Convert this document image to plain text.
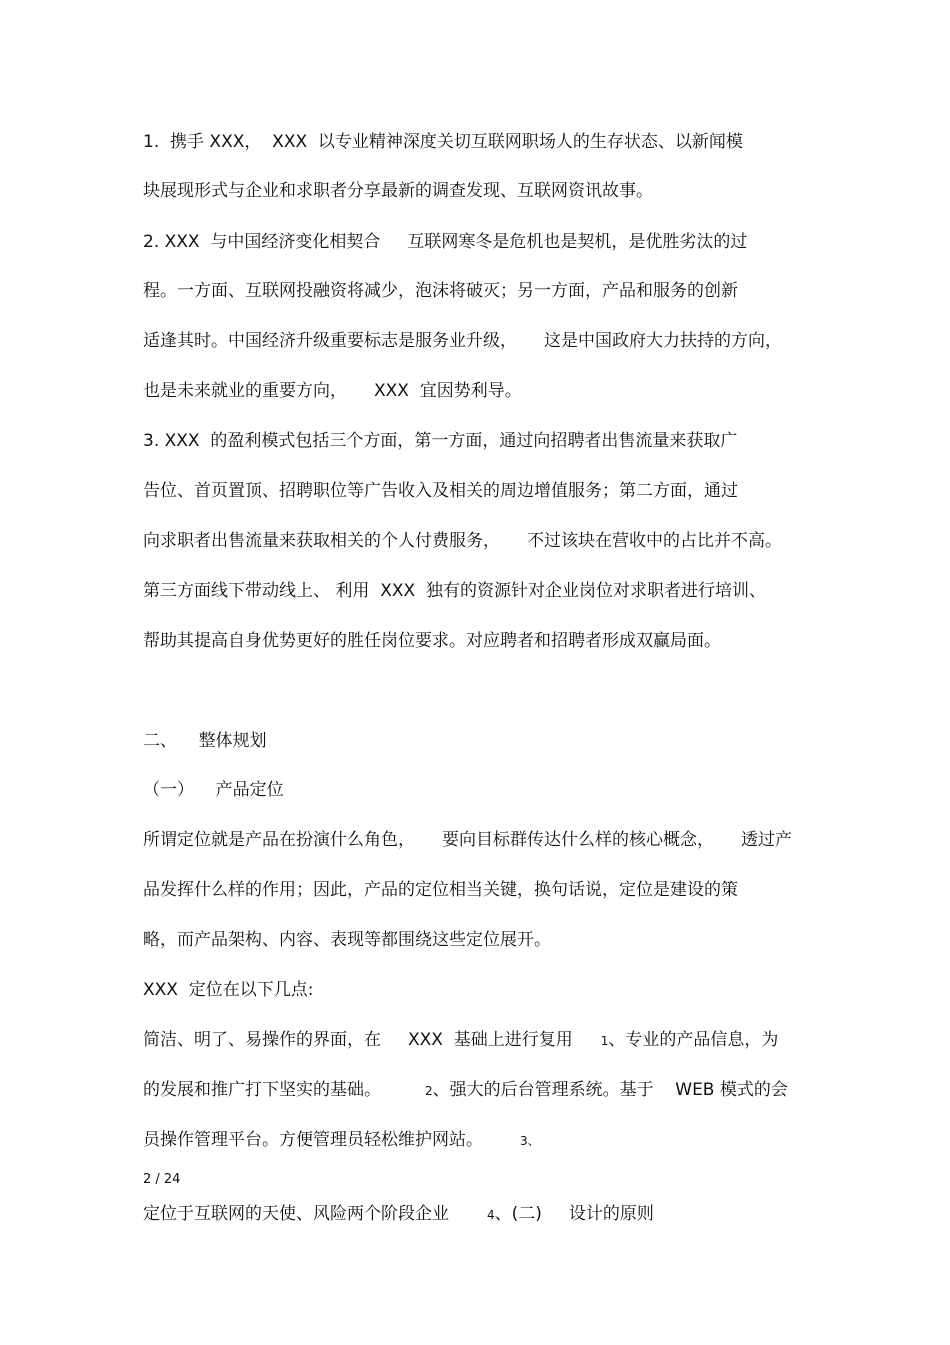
1.  携手 XXX，  XXX  以专业精神深度关切互联网职场人的生存状态、以新闻模
块展现形式与企业和求职者分享最新的调查发现、互联网资讯故事。
2. XXX  与中国经济变化相契合     互联网寒冬是危机也是契机，是优胜劣汰的过
程。一方面、互联网投融资将减少，泡沫将破灭；另一方面，产品和服务的创新
适逢其时。中国经济升级重要标志是服务业升级，     这是中国政府大力扶持的方向，
也是未来就业的重要方向，     XXX  宜因势利导。
3. XXX  的盈利模式包括三个方面，第一方面，通过向招聘者出售流量来获取广
告位、首页置顶、招聘职位等广告收入及相关的周边增值服务；第二方面，通过
向求职者出售流量来获取相关的个人付费服务，     不过该块在营收中的占比并不高。
第三方面线下带动线上、 利用  XXX  独有的资源针对企业岗位对求职者进行培训、
帮助其提高自身优势更好的胜任岗位要求。对应聘者和招聘者形成双赢局面。
二、    整体规划
（一）    产品定位
所谓定位就是产品在扮演什么角色，     要向目标群传达什么样的核心概念，     透过产
品发挥什么样的作用；因此，产品的定位相当关键，换句话说，定位是建设的策
略，而产品架构、内容、表现等都围绕这些定位展开。
XXX  定位在以下几点:
简洁、明了、易操作的界面，在     XXX  基础上进行复用 1、专业的产品信息，为
的发展和推广打下坚实的基础。	2、强大的后台管理系统。基于    WEB 模式的会
员操作管理平台。方便管理员轻松维护网站。	3、
2 / 24
定位于互联网的天使、风险两个阶段企业	4、(二)     设计的原则
